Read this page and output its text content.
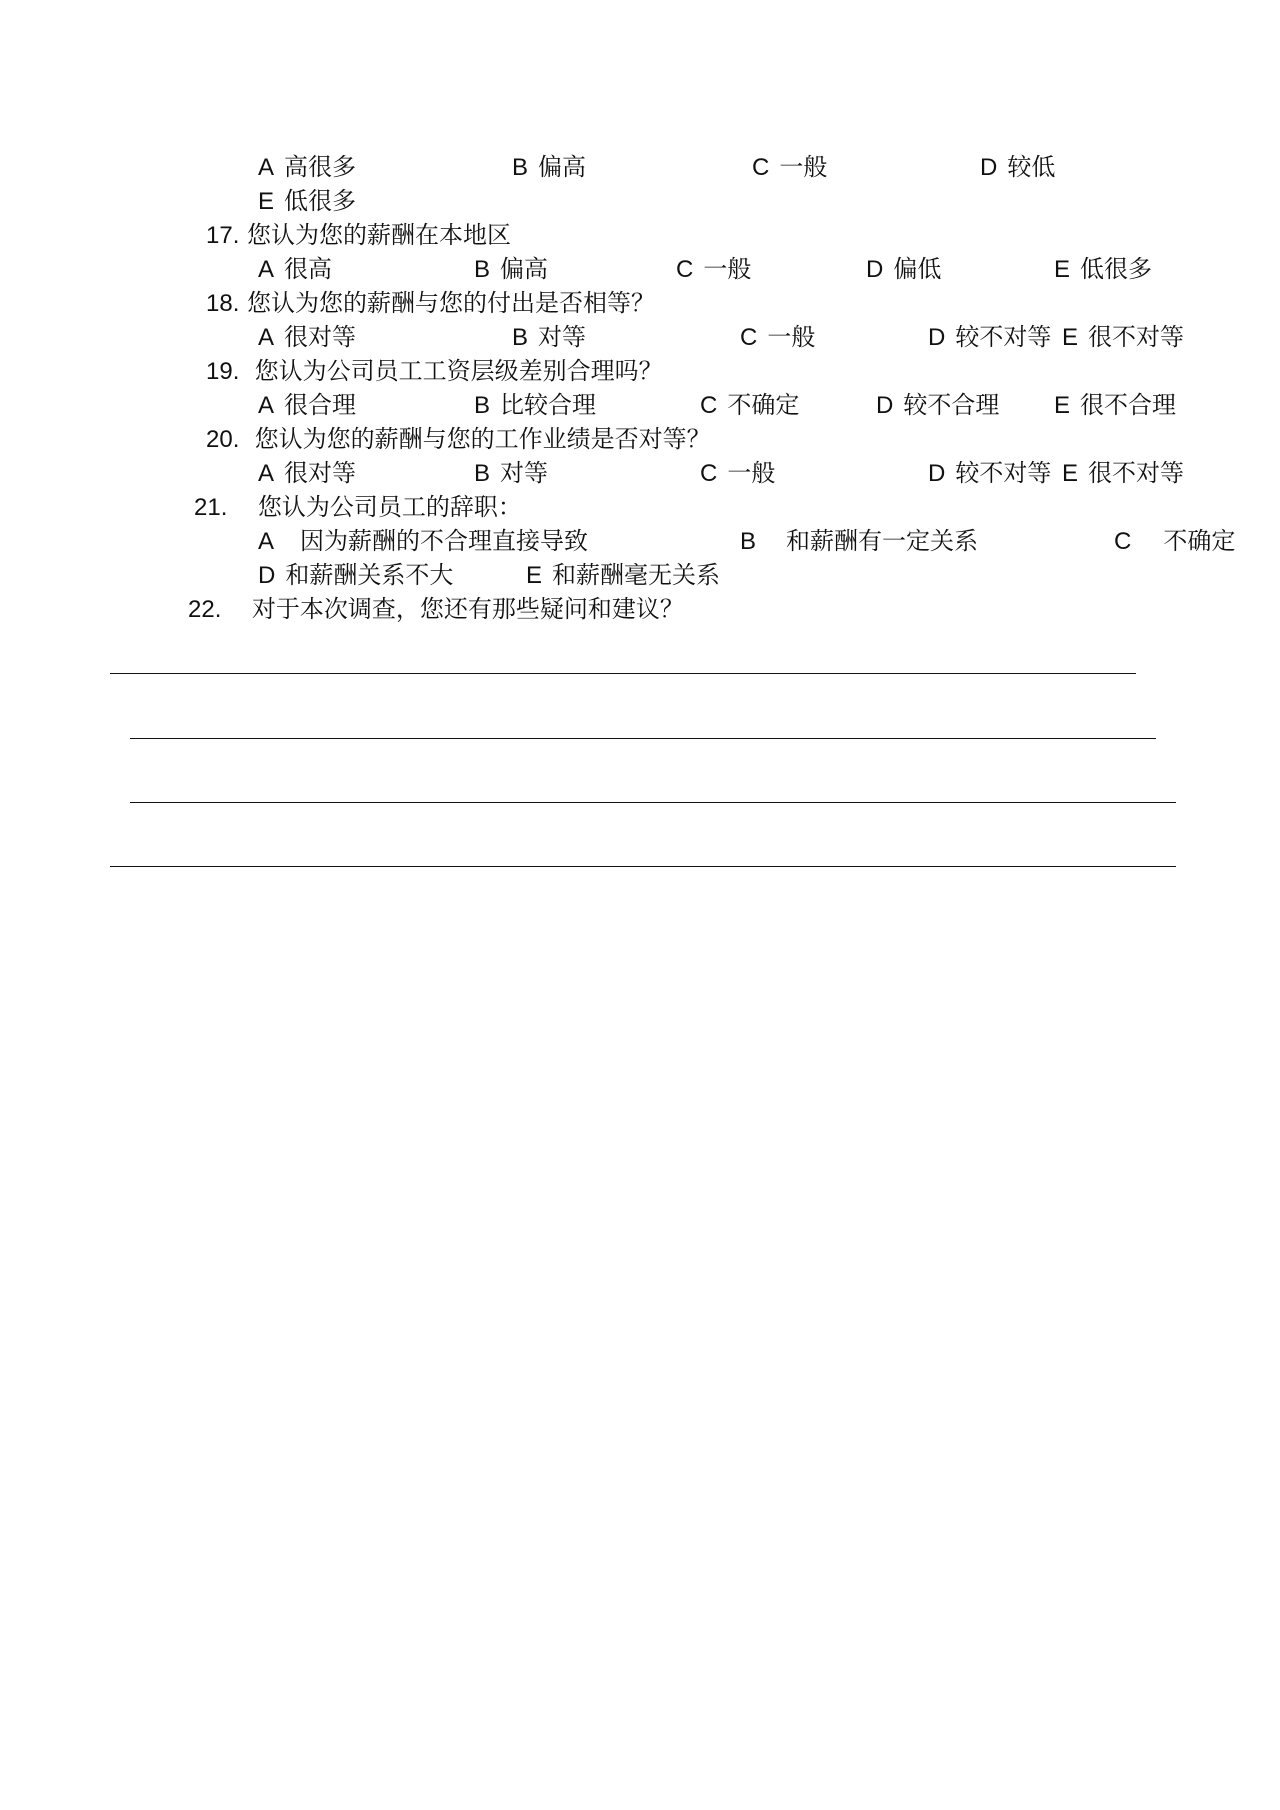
A 高很多	B 偏高	C 一般	D 较低
E 低很多
17. 您认为您的薪酬在本地区
A 很高	B 偏高	C 一般	D 偏低	E 低很多
18. 您认为您的薪酬与您的付出是否相等？
A 很对等	B 对等	C 一般	D 较不对等 E 很不对等
19. 您认为公司员工工资层级差别合理吗？
A 很合理	B 比较合理	C 不确定	D 较不合理 E 很不合理
20. 您认为您的薪酬与您的工作业绩是否对等？
A 很对等	B 对等	C 一般	D 较不对等 E 很不对等
21. 您认为公司员工的辞职：
A 因为薪酬的不合理直接导致	B 和薪酬有一定关系	C 不确定
D 和薪酬关系不大	E 和薪酬毫无关系
22. 对于本次调查，您还有那些疑问和建议？
